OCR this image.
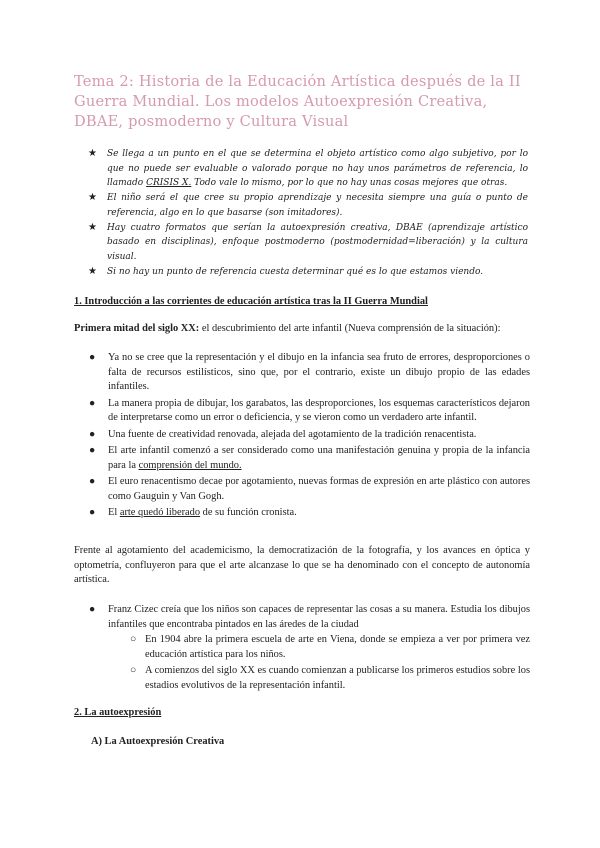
Tema 2: Historia de la Educación Artística después de la II Guerra Mundial. Los modelos Autoexpresión Creativa, DBAE, posmoderno y Cultura Visual
★ Se llega a un punto en el que se determina el objeto artístico como algo subjetivo, por lo que no puede ser evaluable o valorado porque no hay unos parámetros de referencia, lo llamado CRISIS X. Todo vale lo mismo, por lo que no hay unas cosas mejores que otras.
★ El niño será el que cree su propio aprendizaje y necesita siempre una guía o punto de referencia, algo en lo que basarse (son imitadores).
★ Hay cuatro formatos que serían la autoexpresión creativa, DBAE (aprendizaje artístico basado en disciplinas), enfoque postmoderno (postmodernidad=liberación) y la cultura visual.
★ Si no hay un punto de referencia cuesta determinar qué es lo que estamos viendo.

1. Introducción a las corrientes de educación artística tras la II Guerra Mundial

Primera mitad del siglo XX: el descubrimiento del arte infantil (Nueva comprensión de la situación):

● Ya no se cree que la representación y el dibujo en la infancia sea fruto de errores, desproporciones o falta de recursos estilísticos, sino que, por el contrario, existe un dibujo propio de las edades infantiles.
● La manera propia de dibujar, los garabatos, las desproporciones, los esquemas característicos dejaron de interpretarse como un error o deficiencia, y se vieron como un verdadero arte infantil.
● Una fuente de creatividad renovada, alejada del agotamiento de la tradición renacentista.
● El arte infantil comenzó a ser considerado como una manifestación genuina y propia de la infancia para la comprensión del mundo.
● El euro renacentismo decae por agotamiento, nuevas formas de expresión en arte plástico con autores como Gauguin y Van Gogh.
● El arte quedó liberado de su función cronista.

Frente al agotamiento del academicismo, la democratización de la fotografía, y los avances en óptica y optometría, confluyeron para que el arte alcanzase lo que se ha denominado con el concepto de autonomía artística.

● Franz Cizec creía que los niños son capaces de representar las cosas a su manera. Estudia los dibujos infantiles que encontraba pintados en las áredes de la ciudad
○ En 1904 abre la primera escuela de arte en Viena, donde se empieza a ver por primera vez educación artística para los niños.
○ A comienzos del siglo XX es cuando comienzan a publicarse los primeros estudios sobre los estadios evolutivos de la representación infantil.

2. La autoexpresión

A) La Autoexpresión Creativa
